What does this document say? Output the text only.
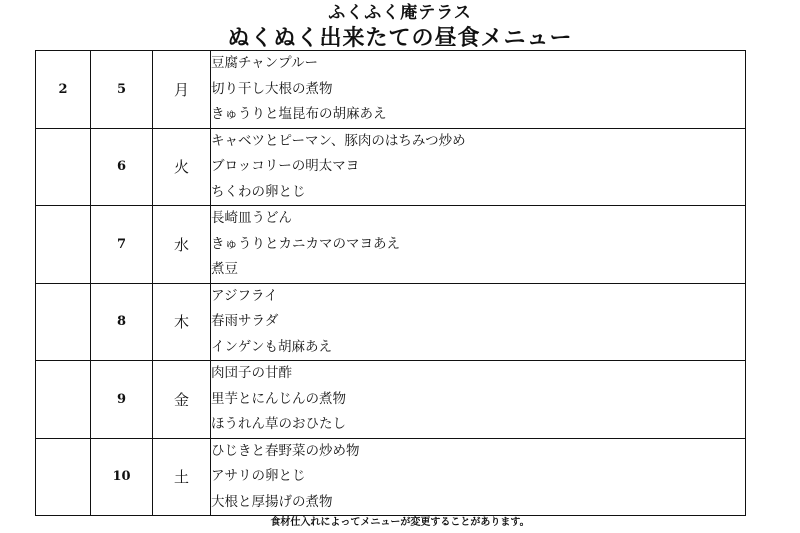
ふくふく庵テラス
ぬくぬく出来たての昼食メニュー
2	5	月	豆腐チャンプルー
切り干し大根の煮物
きゅうりと塩昆布の胡麻あえ

	6	火	キャベツとピーマン、豚肉のはちみつ炒め
ブロッコリーの明太マヨ
ちくわの卵とじ

	7	水	長崎皿うどん
きゅうりとカニカマのマヨあえ
煮豆

	8	木	アジフライ
春雨サラダ
インゲンも胡麻あえ

	9	金	肉団子の甘酢
里芋とにんじんの煮物
ほうれん草のおひたし

	10	土	ひじきと春野菜の炒め物
アサリの卵とじ
大根と厚揚げの煮物
食材仕入れによってメニューが変更することがあります。
